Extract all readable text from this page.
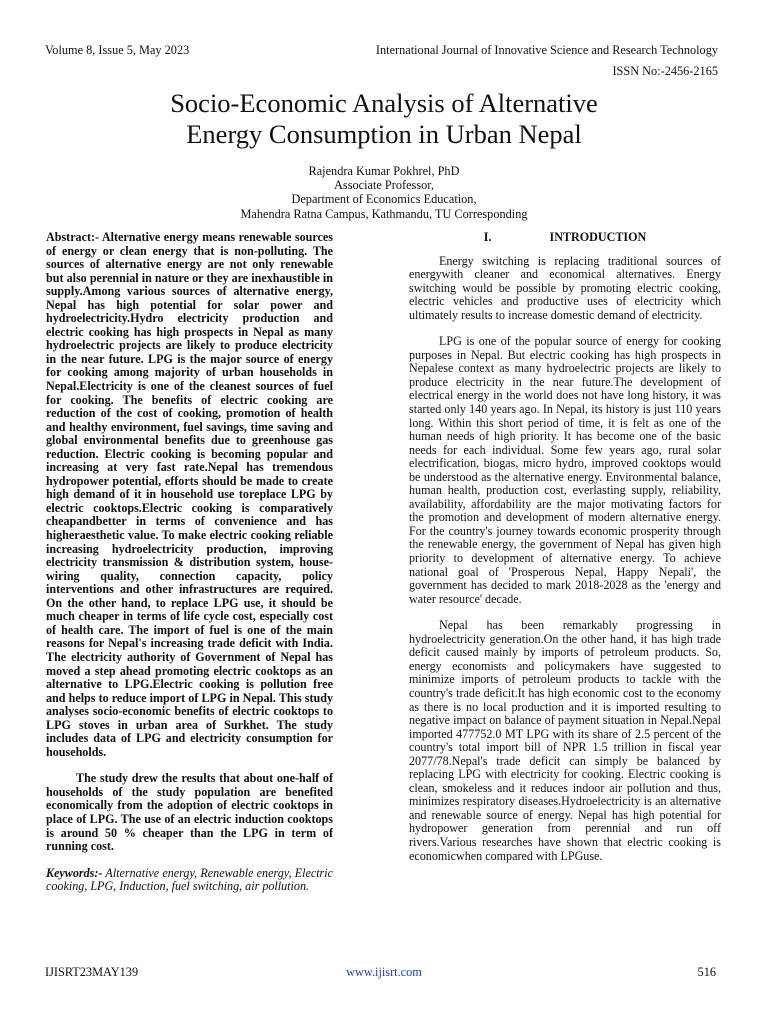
Volume 8, Issue 5, May 2023	International Journal of Innovative Science and Research Technology
ISSN No:-2456-2165
Socio-Economic Analysis of Alternative
Energy Consumption in Urban Nepal
Rajendra Kumar Pokhrel, PhD
Associate Professor,
Department of Economics Education,
Mahendra Ratna Campus, Kathmandu, TU Corresponding

Abstract:- Alternative energy means renewable sources of energy or clean energy that is non-polluting. The sources of alternative energy are not only renewable but also perennial in nature or they are inexhaustible in supply.Among various sources of alternative energy, Nepal has high potential for solar power and hydroelectricity.Hydro electricity production and electric cooking has high prospects in Nepal as many hydroelectric projects are likely to produce electricity in the near future. LPG is the major source of energy for cooking among majority of urban households in Nepal.Electricity is one of the cleanest sources of fuel for cooking. The benefits of electric cooking are reduction of the cost of cooking, promotion of health and healthy environment, fuel savings, time saving and global environmental benefits due to greenhouse gas reduction. Electric cooking is becoming popular and increasing at very fast rate.Nepal has tremendous hydropower potential, efforts should be made to create high demand of it in household use toreplace LPG by electric cooktops.Electric cooking is comparatively cheapandbetter in terms of convenience and has higheraesthetic value. To make electric cooking reliable increasing hydroelectricity production, improving electricity transmission & distribution system, house-wiring quality, connection capacity, policy interventions and other infrastructures are required. On the other hand, to replace LPG use, it should be much cheaper in terms of life cycle cost, especially cost of health care. The import of fuel is one of the main reasons for Nepal's increasing trade deficit with India. The electricity authority of Government of Nepal has moved a step ahead promoting electric cooktops as an alternative to LPG.Electric cooking is pollution free and helps to reduce import of LPG in Nepal. This study analyses socio-economic benefits of electric cooktops to LPG stoves in urban area of Surkhet. The study includes data of LPG and electricity consumption for households.

The study drew the results that about one-half of households of the study population are benefited economically from the adoption of electric cooktops in place of LPG. The use of an electric induction cooktops is around 50 % cheaper than the LPG in term of running cost.

Keywords:- Alternative energy, Renewable energy, Electric cooking, LPG, Induction, fuel switching, air pollution.

I.	INTRODUCTION

Energy switching is replacing traditional sources of energywith cleaner and economical alternatives. Energy switching would be possible by promoting electric cooking, electric vehicles and productive uses of electricity which ultimately results to increase domestic demand of electricity.

LPG is one of the popular source of energy for cooking purposes in Nepal. But electric cooking has high prospects in Nepalese context as many hydroelectric projects are likely to produce electricity in the near future.The development of electrical energy in the world does not have long history, it was started only 140 years ago. In Nepal, its history is just 110 years long. Within this short period of time, it is felt as one of the human needs of high priority. It has become one of the basic needs for each individual. Some few years ago, rural solar electrification, biogas, micro hydro, improved cooktops would be understood as the alternative energy. Environmental balance, human health, production cost, everlasting supply, reliability, availability, affordability are the major motivating factors for the promotion and development of modern alternative energy. For the country's journey towards economic prosperity through the renewable energy, the government of Nepal has given high priority to development of alternative energy. To achieve national goal of 'Prosperous Nepal, Happy Nepali', the government has decided to mark 2018-2028 as the 'energy and water resource' decade.

Nepal has been remarkably progressing in hydroelectricity generation.On the other hand, it has high trade deficit caused mainly by imports of petroleum products. So, energy economists and policymakers have suggested to minimize imports of petroleum products to tackle with the country's trade deficit.It has high economic cost to the economy as there is no local production and it is imported resulting to negative impact on balance of payment situation in Nepal.Nepal imported 477752.0 MT LPG with its share of 2.5 percent of the country's total import bill of NPR 1.5 trillion in fiscal year 2077/78.Nepal's trade deficit can simply be balanced by replacing LPG with electricity for cooking. Electric cooking is clean, smokeless and it reduces indoor air pollution and thus, minimizes respiratory diseases.Hydroelectricity is an alternative and renewable source of energy. Nepal has high potential for hydropower generation from perennial and run off rivers.Various researches have shown that electric cooking is economicwhen compared with LPGuse.

IJISRT23MAY139	www.ijisrt.com	516
